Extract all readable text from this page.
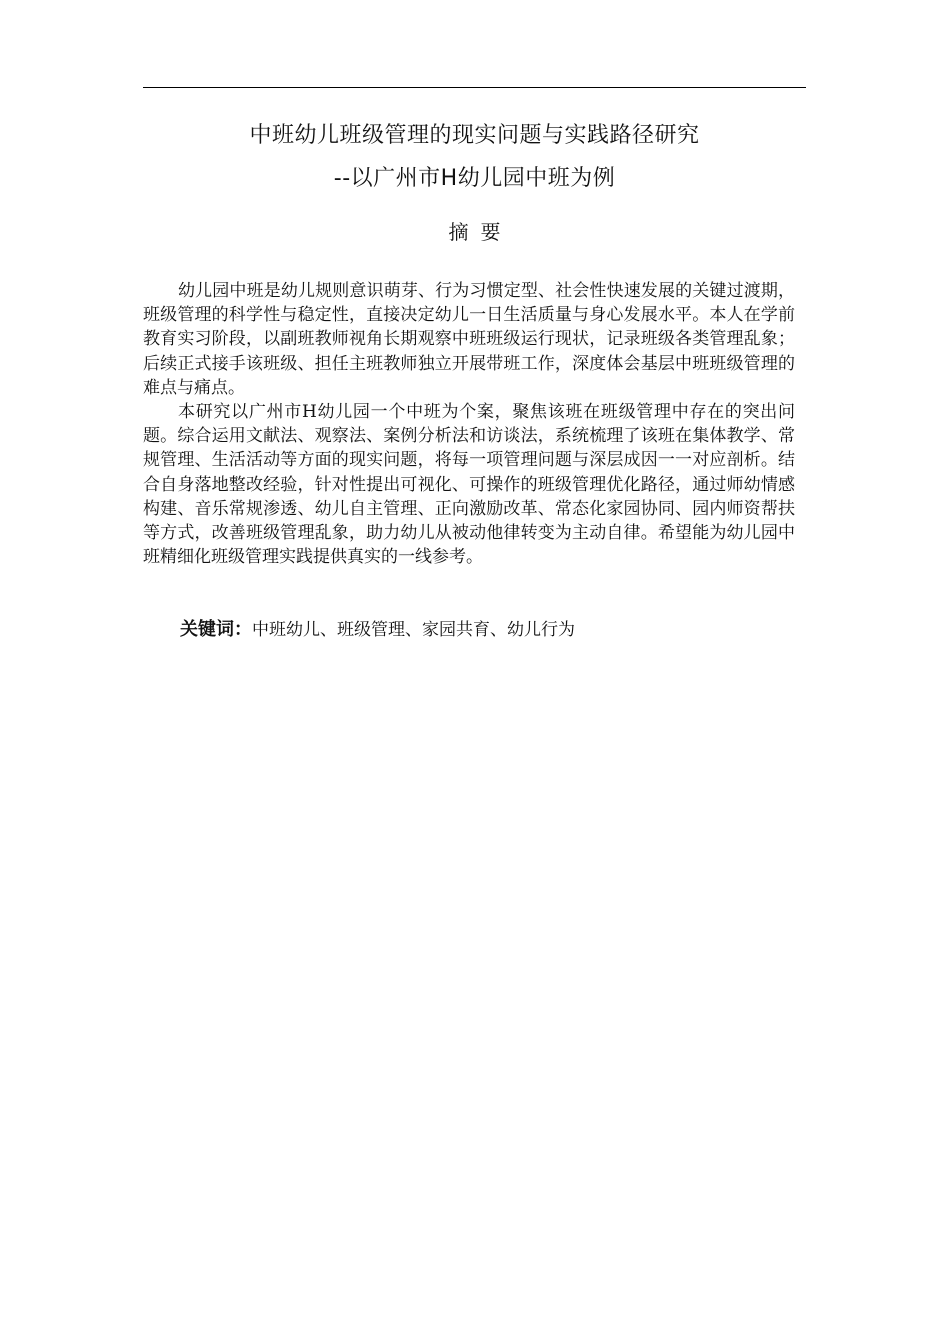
中班幼儿班级管理的现实问题与实践路径研究
--以广州市H幼儿园中班为例
摘要

幼儿园中班是幼儿规则意识萌芽、行为习惯定型、社会性快速发展的关键过渡期，班级管理的科学性与稳定性，直接决定幼儿一日生活质量与身心发展水平。本人在学前教育实习阶段，以副班教师视角长期观察中班班级运行现状，记录班级各类管理乱象；后续正式接手该班级、担任主班教师独立开展带班工作，深度体会基层中班班级管理的难点与痛点。

本研究以广州市H幼儿园一个中班为个案，聚焦该班在班级管理中存在的突出问题。综合运用文献法、观察法、案例分析法和访谈法，系统梳理了该班在集体教学、常规管理、生活活动等方面的现实问题，将每一项管理问题与深层成因一一对应剖析。结合自身落地整改经验，针对性提出可视化、可操作的班级管理优化路径，通过师幼情感构建、音乐常规渗透、幼儿自主管理、正向激励改革、常态化家园协同、园内师资帮扶等方式，改善班级管理乱象，助力幼儿从被动他律转变为主动自律。希望能为幼儿园中班精细化班级管理实践提供真实的一线参考。

关键词：中班幼儿、班级管理、家园共育、幼儿行为
